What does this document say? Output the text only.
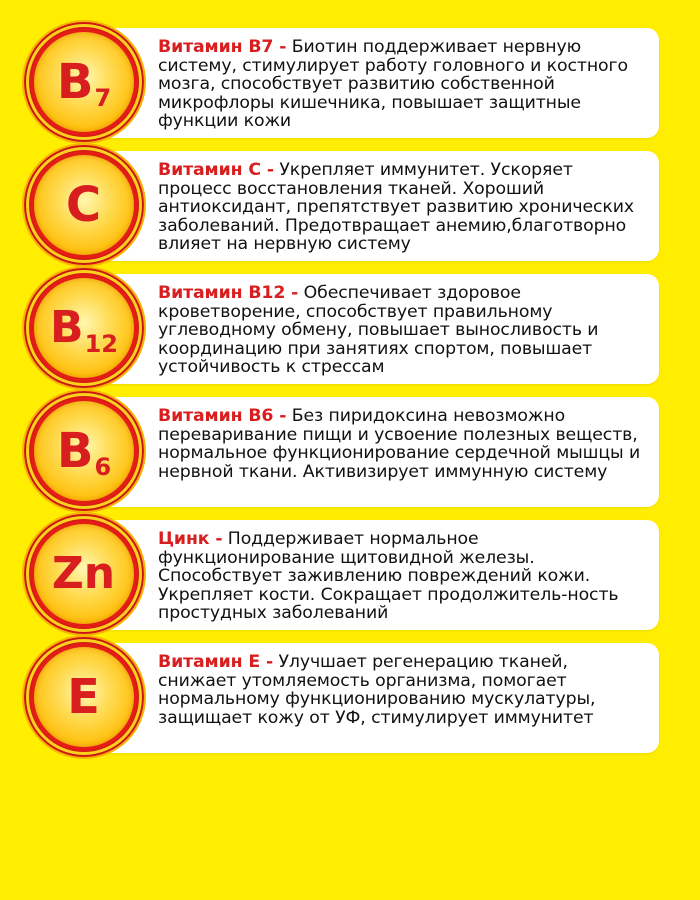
Витамин B7 - Биотин поддерживает нервную систему, стимулирует работу головного и костного мозга, способствует развитию собственной микрофлоры кишечника, повышает защитные функции кожи

B 7

Витамин С - Укрепляет иммунитет. Ускоряет процесс восстановления тканей. Хороший антиоксидант, препятствует развитию хронических заболеваний. Предотвращает анемию,благотворно влияет на нервную систему

C

Витамин B12 - Обеспечивает здоровое кроветворение, способствует правильному углеводному обмену, повышает выносливость и координацию при занятиях спортом, повышает устойчивость к стрессам

B 12

Витамин B6 - Без пиридоксина невозможно переваривание пищи и усвоение полезных веществ, нормальное функционирование сердечной мышцы и нервной ткани. Активизирует иммунную систему

B 6

Цинк - Поддерживает нормальное функционирование щитовидной железы. Способствует заживлению повреждений кожи. Укрепляет кости. Сокращает продолжитель-ность простудных заболеваний

Zn

Витамин Е - Улучшает регенерацию тканей, снижает утомляемость организма, помогает нормальному функционированию мускулатуры, защищает кожу от УФ, стимулирует иммунитет

E
